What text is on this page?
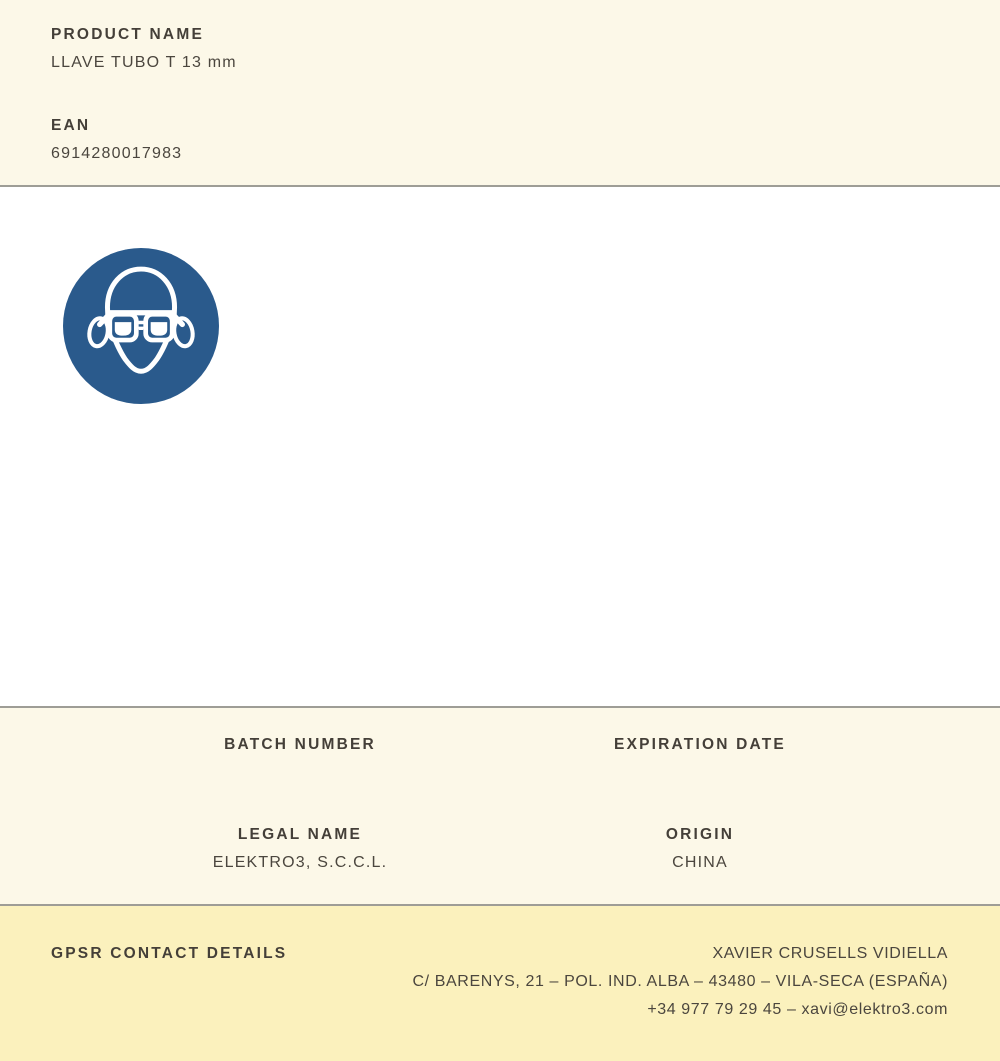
PRODUCT NAME
LLAVE TUBO T 13 mm
EAN
6914280017983
BATCH NUMBER	EXPIRATION DATE
LEGAL NAME
ELEKTRO3, S.C.C.L.
ORIGIN
CHINA
GPSR CONTACT DETAILS	XAVIER CRUSELLS VIDIELLA
C/ BARENYS, 21 – POL. IND. ALBA – 43480 – VILA-SECA (ESPAÑA)
+34 977 79 29 45 – xavi@elektro3.com
